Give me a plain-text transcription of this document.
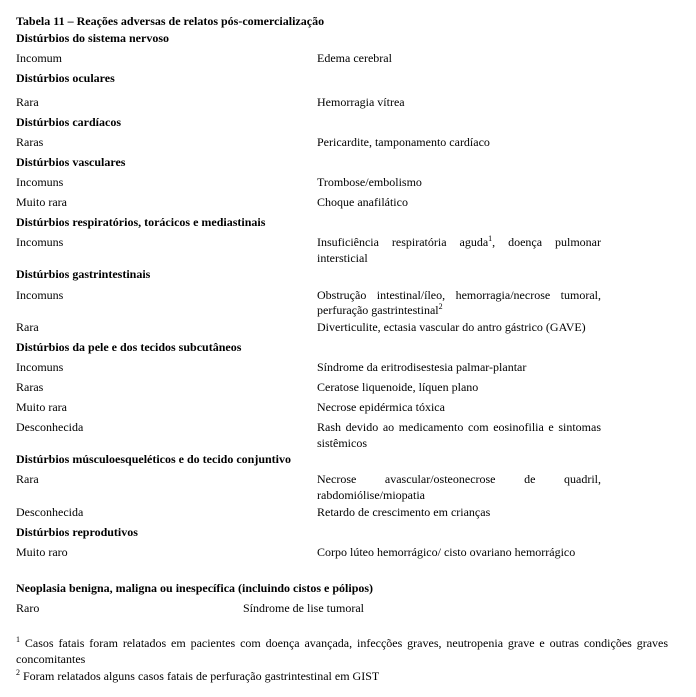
Tabela 11 – Reações adversas de relatos pós-comercialização
Distúrbios do sistema nervoso
Incomum	Edema cerebral
Distúrbios oculares
Rara	Hemorragia vítrea
Distúrbios cardíacos
Raras	Pericardite, tamponamento cardíaco
Distúrbios vasculares
Incomuns	Trombose/embolismo
Muito rara	Choque anafilático
Distúrbios respiratórios, torácicos e mediastinais
Incomuns	Insuficiência respiratória aguda$^1$, doença pulmonar
intersticial
Distúrbios gastrintestinais
Incomuns	Obstrução intestinal/íleo, hemorragia/necrose tumoral,
perfuração gastrintestinal$^2$
Rara	Diverticulite, ectasia vascular do antro gástrico (GAVE)
Distúrbios da pele e dos tecidos subcutâneos
Incomuns	Síndrome da eritrodisestesia palmar-plantar
Raras	Ceratose liquenoide, líquen plano
Muito rara	Necrose epidérmica tóxica
Desconhecida	Rash devido ao medicamento com eosinofilia e sintomas
sistêmicos
Distúrbios músculoesqueléticos e do tecido conjuntivo
Rara	Necrose avascular/osteonecrose de quadril,
rabdomiólise/miopatia
Desconhecida	Retardo de crescimento em crianças
Distúrbios reprodutivos
Muito raro	Corpo lúteo hemorrágico/ cisto ovariano hemorrágico
Neoplasia benigna, maligna ou inespecífica (incluindo cistos e pólipos)
Raro	Síndrome de lise tumoral
$^1$ Casos fatais foram relatados em pacientes com doença avançada, infecções graves, neutropenia grave e outras condições graves concomitantes
$^2$ Foram relatados alguns casos fatais de perfuração gastrintestinal em GIST
